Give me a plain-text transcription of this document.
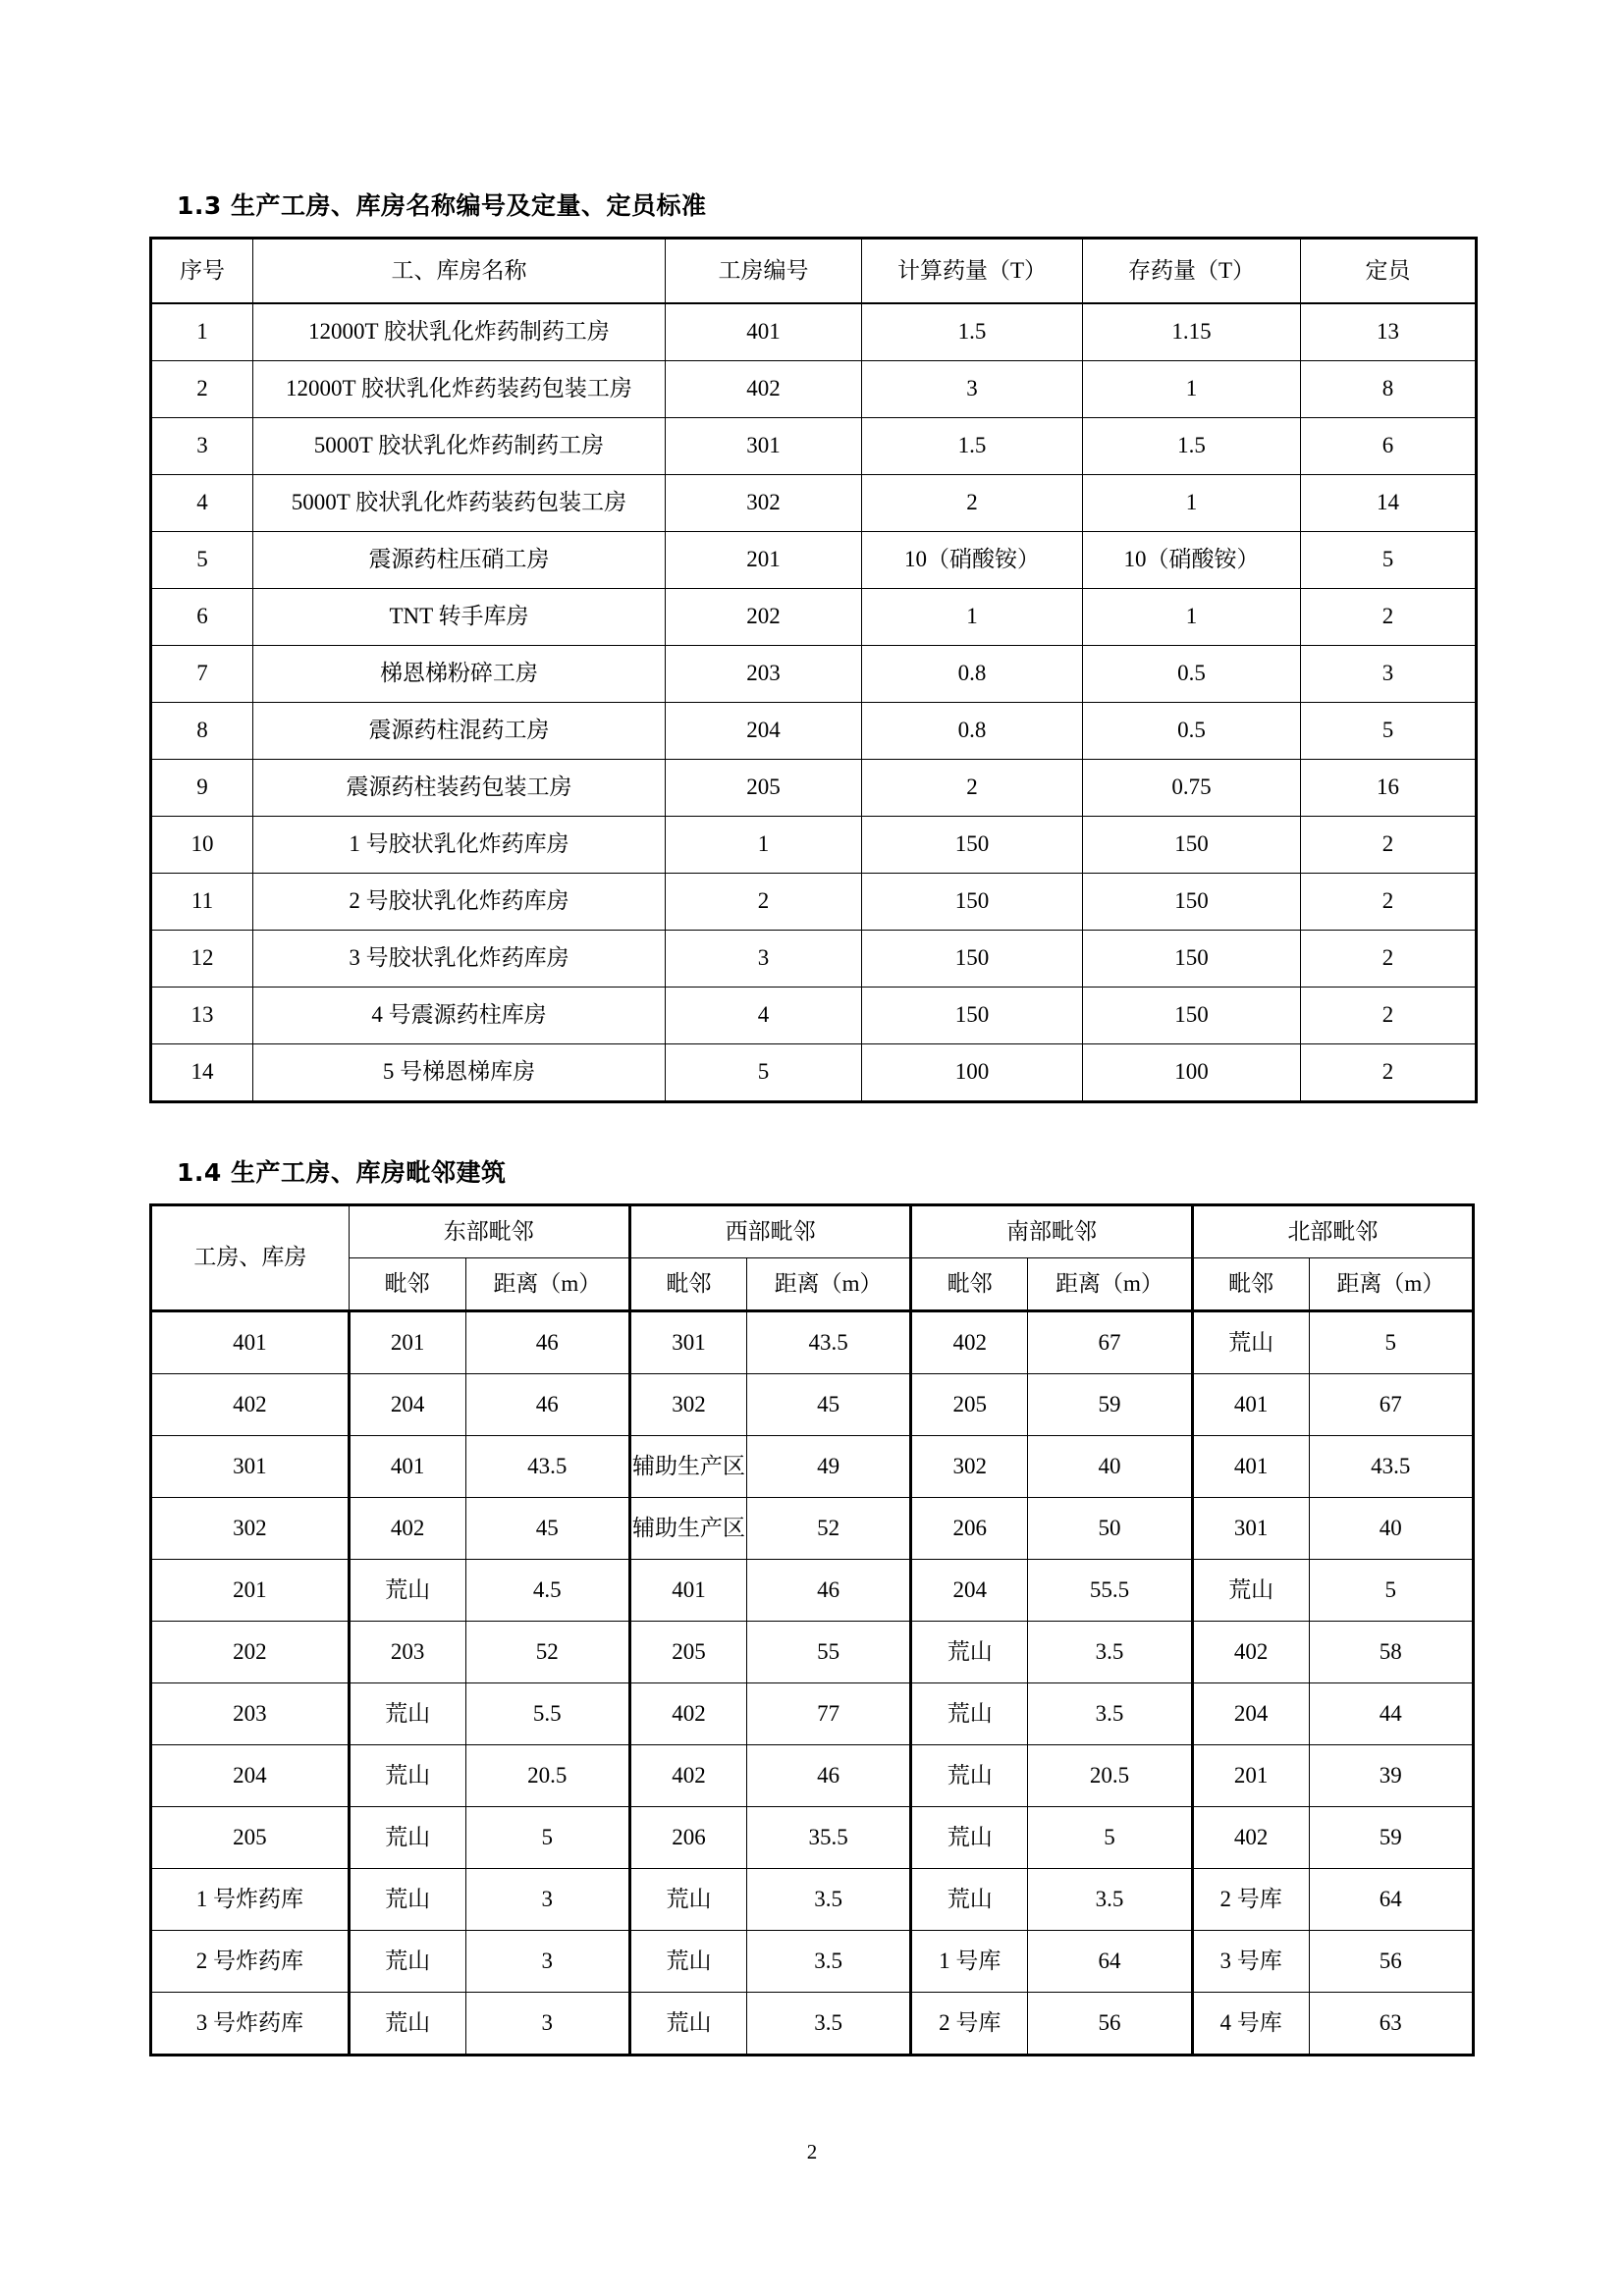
1.3 生产工房、库房名称编号及定量、定员标准
序号	工、库房名称	工房编号	计算药量（T）	存药量（T）	定员
1	12000T 胶状乳化炸药制药工房	401	1.5	1.15	13
2	12000T 胶状乳化炸药装药包装工房	402	3	1	8
3	5000T 胶状乳化炸药制药工房	301	1.5	1.5	6
4	5000T 胶状乳化炸药装药包装工房	302	2	1	14
5	震源药柱压硝工房	201	10（硝酸铵）	10（硝酸铵）	5
6	TNT 转手库房	202	1	1	2
7	梯恩梯粉碎工房	203	0.8	0.5	3
8	震源药柱混药工房	204	0.8	0.5	5
9	震源药柱装药包装工房	205	2	0.75	16
10	1 号胶状乳化炸药库房	1	150	150	2
11	2 号胶状乳化炸药库房	2	150	150	2
12	3 号胶状乳化炸药库房	3	150	150	2
13	4 号震源药柱库房	4	150	150	2
14	5 号梯恩梯库房	5	100	100	2
1.4 生产工房、库房毗邻建筑
工房、库房	东部毗邻		西部毗邻		南部毗邻		北部毗邻	
	毗邻	距离（m）	毗邻	距离（m）	毗邻	距离（m）	毗邻	距离（m）
401	201	46	301	43.5	402	67	荒山	5
402	204	46	302	45	205	59	401	67
301	401	43.5	辅助生产区	49	302	40	401	43.5
302	402	45	辅助生产区	52	206	50	301	40
201	荒山	4.5	401	46	204	55.5	荒山	5
202	203	52	205	55	荒山	3.5	402	58
203	荒山	5.5	402	77	荒山	3.5	204	44
204	荒山	20.5	402	46	荒山	20.5	201	39
205	荒山	5	206	35.5	荒山	5	402	59
1 号炸药库	荒山	3	荒山	3.5	荒山	3.5	2 号库	64
2 号炸药库	荒山	3	荒山	3.5	1 号库	64	3 号库	56
3 号炸药库	荒山	3	荒山	3.5	2 号库	56	4 号库	63
2
